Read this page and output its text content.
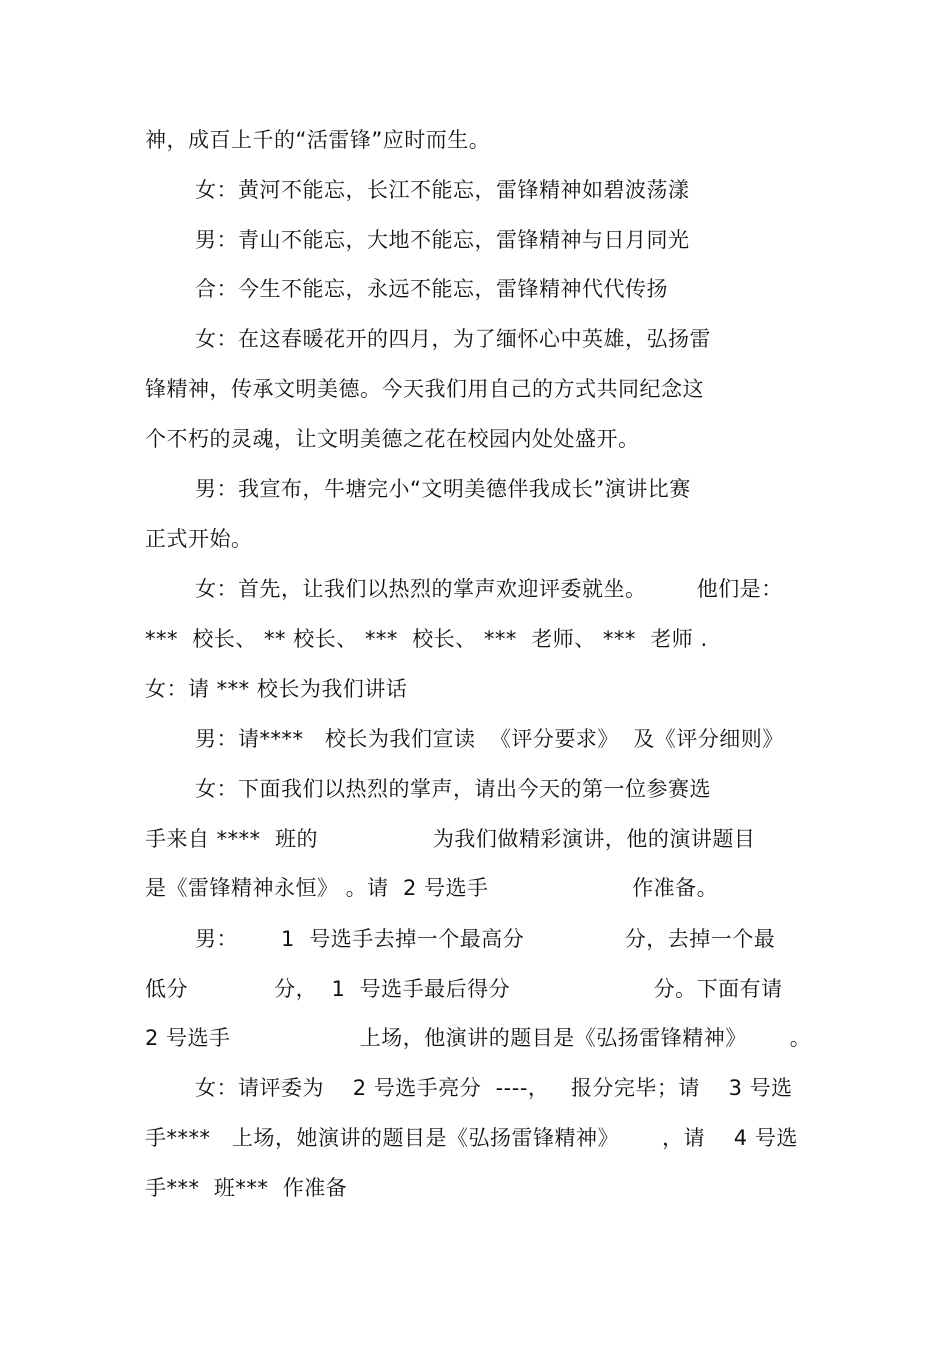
神，成百上千的“活雷锋”应时而生。
女：黄河不能忘，长江不能忘，雷锋精神如碧波荡漾
男：青山不能忘，大地不能忘，雷锋精神与日月同光
合：今生不能忘，永远不能忘，雷锋精神代代传扬
女：在这春暖花开的四月，为了缅怀心中英雄，弘扬雷
锋精神，传承文明美德。今天我们用自己的方式共同纪念这
个不朽的灵魂，让文明美德之花在校园内处处盛开。
男：我宣布，牛塘完小“文明美德伴我成长”演讲比赛
正式开始。
女：首先，让我们以热烈的掌声欢迎评委就坐。       他们是：
***  校长、 ** 校长、 ***  校长、 ***  老师、 ***  老师 .
女：请 *** 校长为我们讲话
男：请****   校长为我们宣读  《评分要求》  及《评分细则》
女：下面我们以热烈的掌声，请出今天的第一位参赛选
手来自 ****  班的                为我们做精彩演讲，他的演讲题目
是《雷锋精神永恒》 。请  2 号选手                    作准备。
男：      1  号选手去掉一个最高分              分，去掉一个最
低分            分，  1  号选手最后得分                    分。下面有请
2 号选手                  上场，他演讲的题目是《弘扬雷锋精神》      。
女：请评委为    2 号选手亮分  ----，   报分完毕；请    3 号选
手****   上场，她演讲的题目是《弘扬雷锋精神》      ，请    4 号选
手***  班***  作准备
